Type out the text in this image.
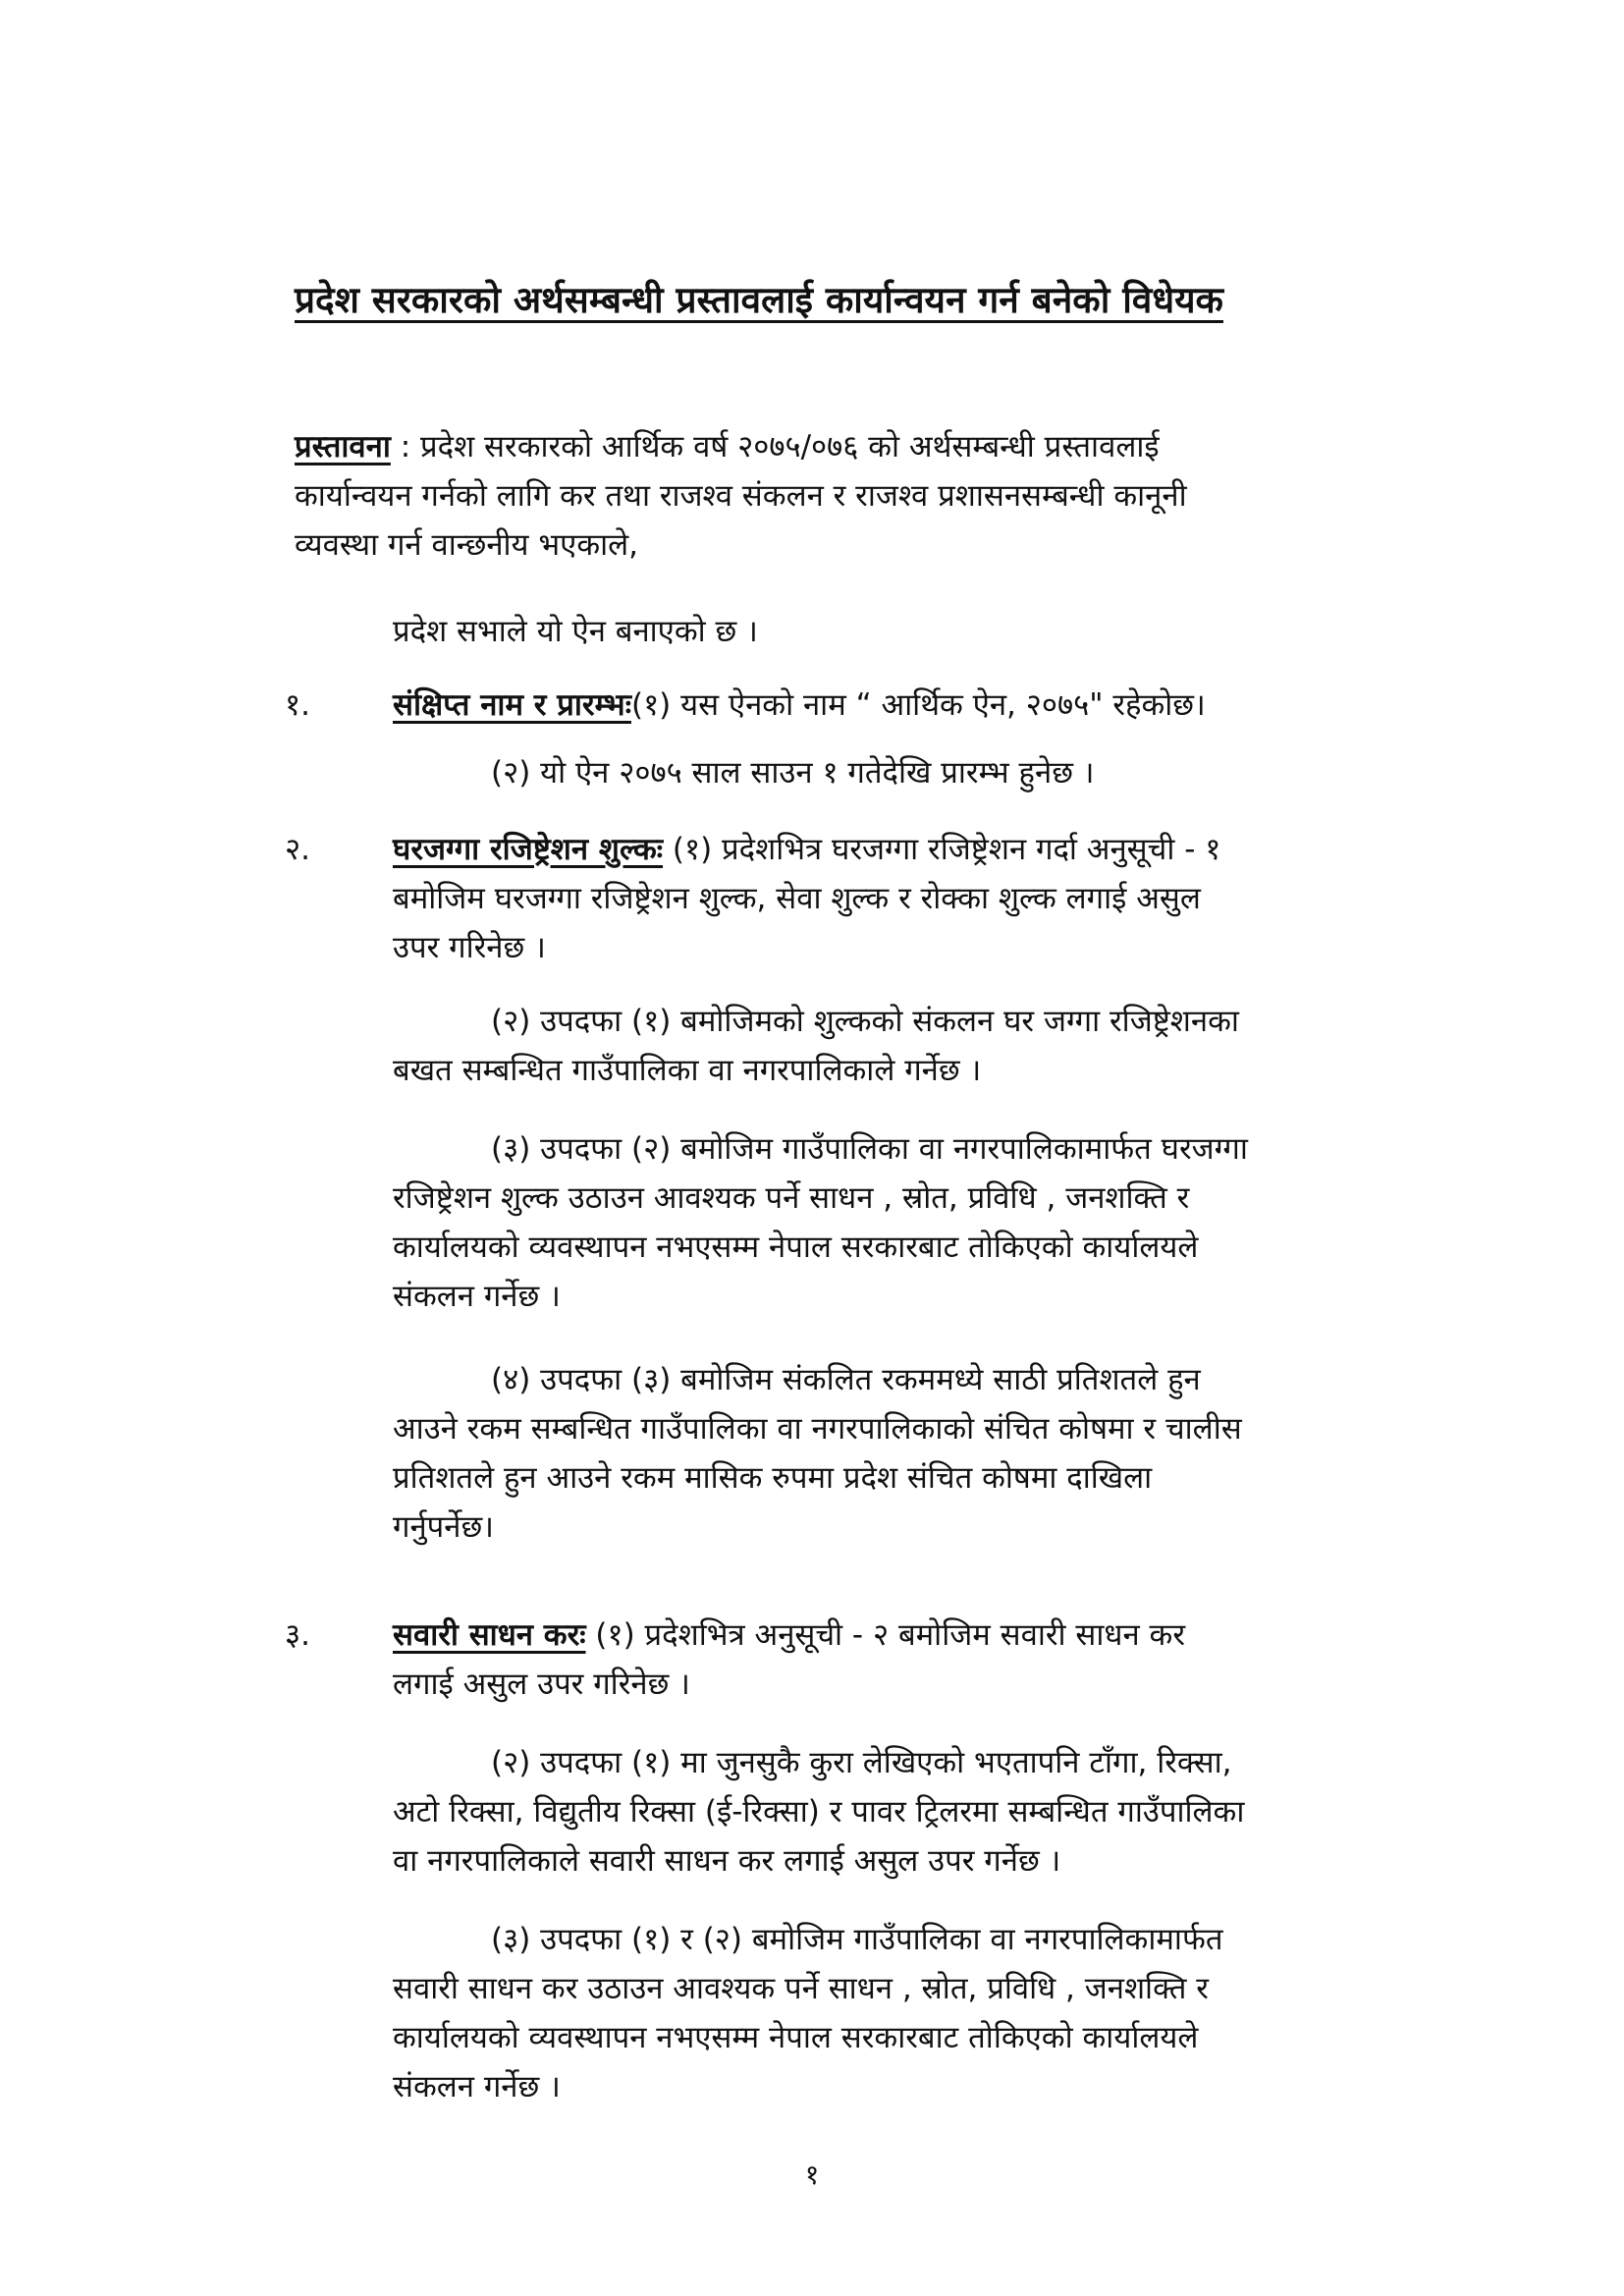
प्रदेश सरकारको अर्थसम्बन्धी प्रस्तावलाई कार्यान्वयन गर्न बनेको विधेयक
प्रस्तावना : प्रदेश सरकारको आर्थिक वर्ष २०७५/०७६ को अर्थसम्बन्धी प्रस्तावलाई
कार्यान्वयन गर्नको लागि कर तथा राजश्व संकलन र राजश्व प्रशासनसम्बन्धी कानूनी
व्यवस्था गर्न वान्छनीय भएकाले,
प्रदेश सभाले यो ऐन बनाएको छ ।
१.	संक्षिप्त नाम र प्रारम्भः(१) यस ऐनको नाम “ आर्थिक ऐन, २०७५" रहेकोछ।
(२) यो ऐन २०७५ साल साउन १ गतेदेखि प्रारम्भ हुनेछ ।
२.	घरजग्गा रजिष्ट्रेशन शुल्कः (१) प्रदेशभित्र घरजग्गा रजिष्ट्रेशन गर्दा अनुसूची - १
बमोजिम घरजग्गा रजिष्ट्रेशन शुल्क, सेवा शुल्क र रोक्का शुल्क लगाई असुल
उपर गरिनेछ ।
(२) उपदफा (१) बमोजिमको शुल्कको संकलन घर जग्गा रजिष्ट्रेशनका
बखत सम्बन्धित गाउँपालिका वा नगरपालिकाले गर्नेछ ।
(३) उपदफा (२) बमोजिम गाउँपालिका वा नगरपालिकामार्फत घरजग्गा
रजिष्ट्रेशन शुल्क उठाउन आवश्यक पर्ने साधन , स्रोत, प्रविधि , जनशक्ति र
कार्यालयको व्यवस्थापन नभएसम्म नेपाल सरकारबाट तोकिएको कार्यालयले
संकलन गर्नेछ ।
(४) उपदफा (३) बमोजिम संकलित रकममध्ये साठी प्रतिशतले हुन
आउने रकम सम्बन्धित गाउँपालिका वा नगरपालिकाको संचित कोषमा र चालीस
प्रतिशतले हुन आउने रकम मासिक रुपमा प्रदेश संचित कोषमा दाखिला
गर्नुपर्नेछ।
३.	सवारी साधन करः (१) प्रदेशभित्र अनुसूची - २ बमोजिम सवारी साधन कर
लगाई असुल उपर गरिनेछ ।
(२) उपदफा (१) मा जुनसुकै कुरा लेखिएको भएतापनि टाँगा, रिक्सा,
अटो रिक्सा, विद्युतीय रिक्सा (ई-रिक्सा) र पावर ट्रिलरमा सम्बन्धित गाउँपालिका
वा नगरपालिकाले सवारी साधन कर लगाई असुल उपर गर्नेछ ।
(३) उपदफा (१) र (२) बमोजिम गाउँपालिका वा नगरपालिकामार्फत
सवारी साधन कर उठाउन आवश्यक पर्ने साधन , स्रोत, प्रविधि , जनशक्ति र
कार्यालयको व्यवस्थापन नभएसम्म नेपाल सरकारबाट तोकिएको कार्यालयले
संकलन गर्नेछ ।
१
